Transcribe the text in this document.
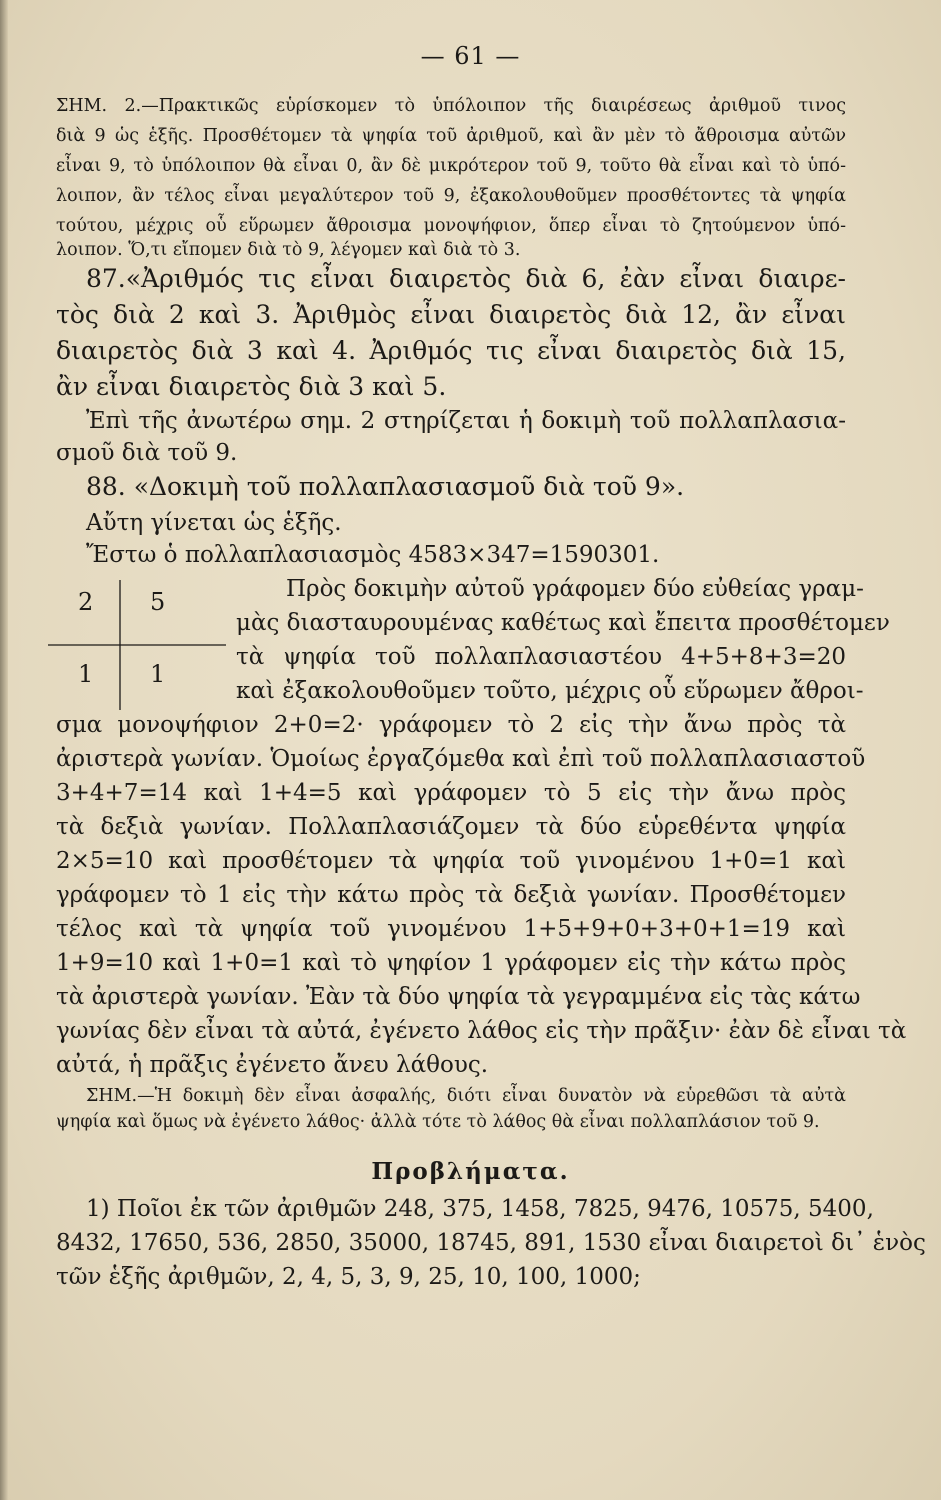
— 61 —

ΣΗΜ. 2.—Πρακτικῶς εὑρίσκομεν τὸ ὑπόλοιπον τῆς διαιρέσεως ἀριθμοῦ τινος

διὰ 9 ὡς ἑξῆς. Προσθέτομεν τὰ ψηφία τοῦ ἀριθμοῦ, καὶ ἂν μὲν τὸ ἄθροισμα αὐτῶν

εἶναι 9, τὸ ὑπόλοιπον θὰ εἶναι 0, ἂν δὲ μικρότερον τοῦ 9, τοῦτο θὰ εἶναι καὶ τὸ ὑπό-

λοιπον, ἂν τέλος εἶναι μεγαλύτερον τοῦ 9, ἐξακολουθοῦμεν προσθέτοντες τὰ ψηφία

τούτου, μέχρις οὗ εὕρωμεν ἄθροισμα μονοψήφιον, ὅπερ εἶναι τὸ ζητούμενον ὑπό-

λοιπον. Ὅ,τι εἴπομεν διὰ τὸ 9, λέγομεν καὶ διὰ τὸ 3.

87.«Ἀριθμός τις εἶναι διαιρετὸς διὰ 6, ἐὰν εἶναι διαιρε-

τὸς διὰ 2 καὶ 3. Ἀριθμὸς εἶναι διαιρετὸς διὰ 12, ἂν εἶναι

διαιρετὸς διὰ 3 καὶ 4. Ἀριθμός τις εἶναι διαιρετὸς διὰ 15,

ἂν εἶναι διαιρετὸς διὰ 3 καὶ 5.

Ἐπὶ τῆς ἀνωτέρω σημ. 2 στηρίζεται ἡ δοκιμὴ τοῦ πολλαπλασια-

σμοῦ διὰ τοῦ 9.

88. «Δοκιμὴ τοῦ πολλαπλασιασμοῦ διὰ τοῦ 9».

Αὔτη γίνεται ὡς ἑξῆς.

Ἔστω ὁ πολλαπλασιασμὸς 4583×347=1590301.

2 5
1 1

Πρὸς δοκιμὴν αὐτοῦ γράφομεν δύο εὐθείας γραμ-

μὰς διασταυρουμένας καθέτως καὶ ἔπειτα προσθέτομεν

τὰ ψηφία τοῦ πολλαπλασιαστέου 4+5+8+3=20

καὶ ἐξακολουθοῦμεν τοῦτο, μέχρις οὗ εὕρωμεν ἄθροι-

σμα μονοψήφιον 2+0=2· γράφομεν τὸ 2 εἰς τὴν ἄνω πρὸς τὰ

ἀριστερὰ γωνίαν. Ὁμοίως ἐργαζόμεθα καὶ ἐπὶ τοῦ πολλαπλασιαστοῦ

3+4+7=14 καὶ 1+4=5 καὶ γράφομεν τὸ 5 εἰς τὴν ἄνω πρὸς

τὰ δεξιὰ γωνίαν. Πολλαπλασιάζομεν τὰ δύο εὑρεθέντα ψηφία

2×5=10 καὶ προσθέτομεν τὰ ψηφία τοῦ γινομένου 1+0=1 καὶ

γράφομεν τὸ 1 εἰς τὴν κάτω πρὸς τὰ δεξιὰ γωνίαν. Προσθέτομεν

τέλος καὶ τὰ ψηφία τοῦ γινομένου 1+5+9+0+3+0+1=19 καὶ

1+9=10 καὶ 1+0=1 καὶ τὸ ψηφίον 1 γράφομεν εἰς τὴν κάτω πρὸς

τὰ ἀριστερὰ γωνίαν. Ἐὰν τὰ δύο ψηφία τὰ γεγραμμένα εἰς τὰς κάτω

γωνίας δὲν εἶναι τὰ αὐτά, ἐγένετο λάθος εἰς τὴν πρᾶξιν· ἐὰν δὲ εἶναι τὰ

αὐτά, ἡ πρᾶξις ἐγένετο ἄνευ λάθους.

ΣΗΜ.—Ἡ δοκιμὴ δὲν εἶναι ἀσφαλής, διότι εἶναι δυνατὸν νὰ εὑρεθῶσι τὰ αὐτὰ

ψηφία καὶ ὅμως νὰ ἐγένετο λάθος· ἀλλὰ τότε τὸ λάθος θὰ εἶναι πολλαπλάσιον τοῦ 9.

Προβλήματα.

1) Ποῖοι ἐκ τῶν ἀριθμῶν 248, 375, 1458, 7825, 9476, 10575, 5400,

8432, 17650, 536, 2850, 35000, 18745, 891, 1530 εἶναι διαιρετοὶ δι᾽ ἑνὸς

τῶν ἑξῆς ἀριθμῶν, 2, 4, 5, 3, 9, 25, 10, 100, 1000;
